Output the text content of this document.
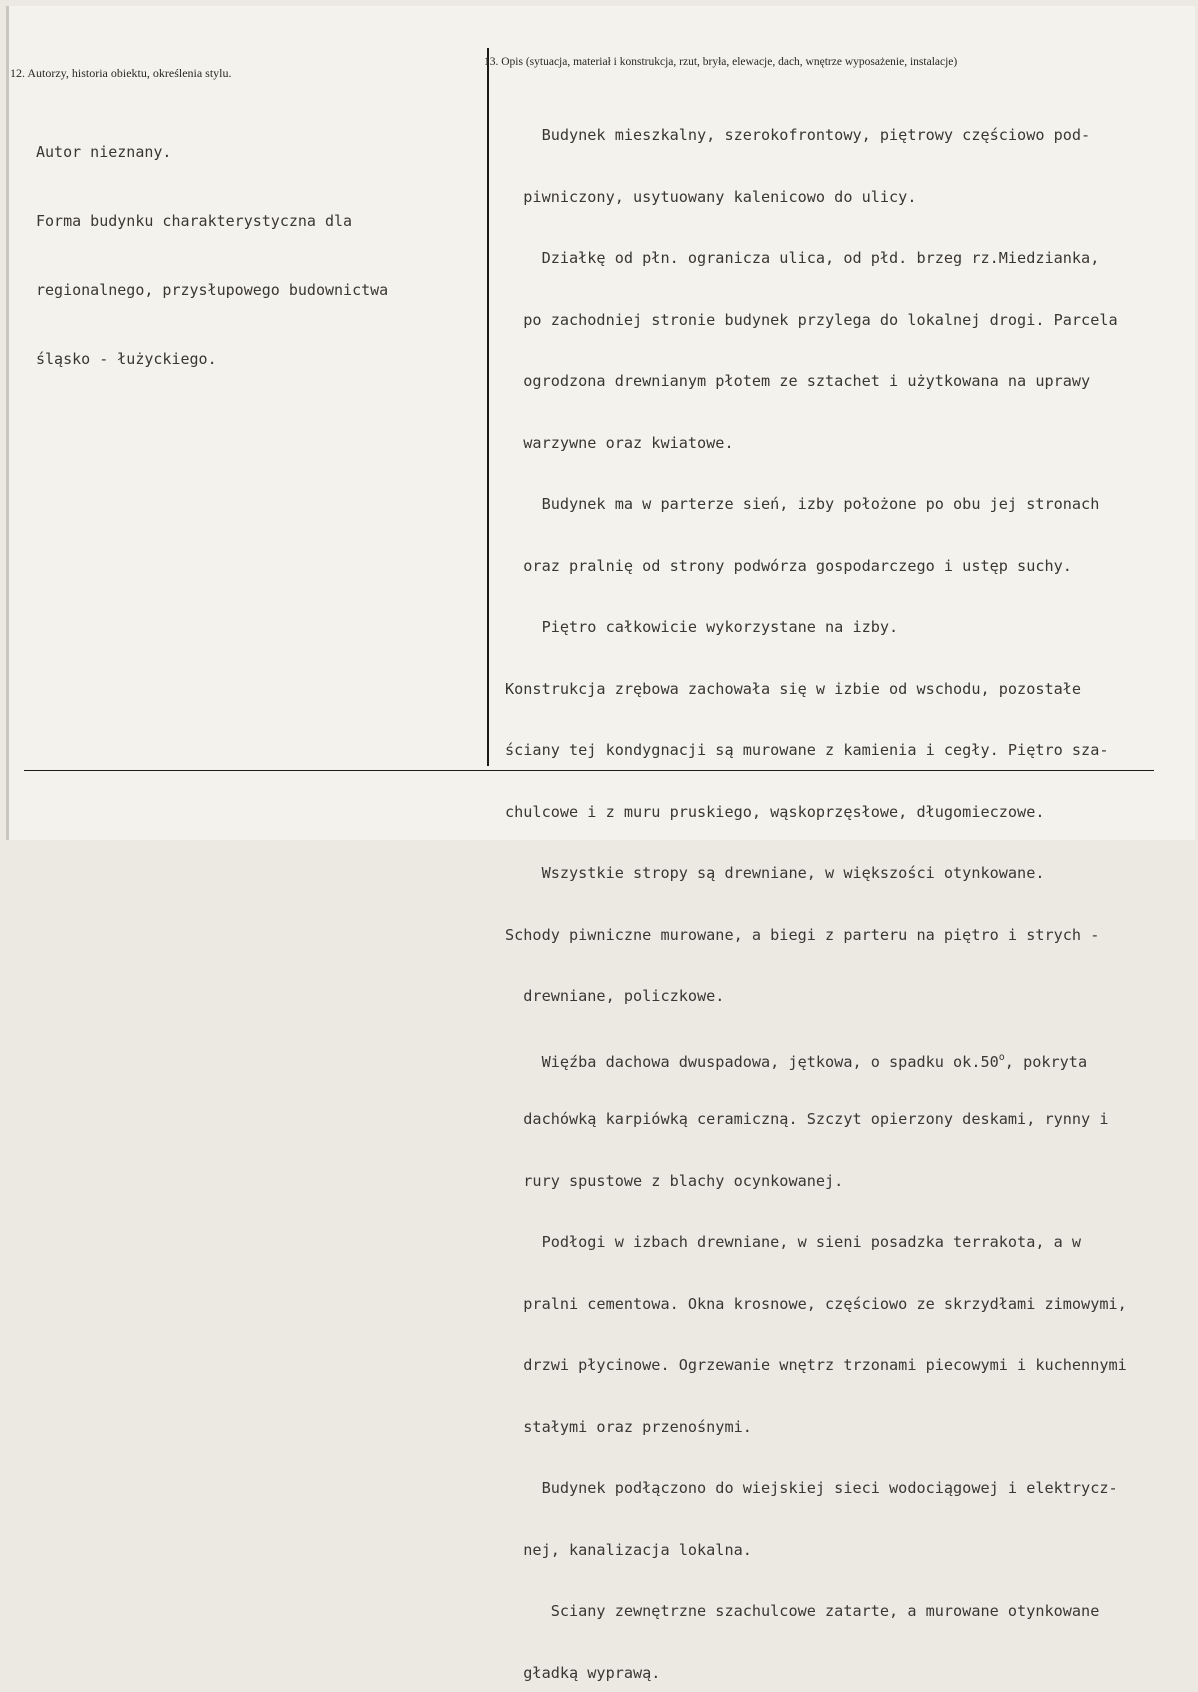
12. Autorzy, historia obiektu, określenia stylu.

Autor nieznany.

Forma budynku charakterystyczna dla

regionalnego, przysłupowego budownictwa

śląsko - łużyckiego.

13. Opis (sytuacja, materiał i konstrukcja, rzut, bryła, elewacje, dach, wnętrze wyposażenie, instalacje)

Budynek mieszkalny, szerokofrontowy, piętrowy częściowo pod-

piwniczony, usytuowany kalenicowo do ulicy.

Działkę od płn. ogranicza ulica, od płd. brzeg rz.Miedzianka,

po zachodniej stronie budynek przylega do lokalnej drogi. Parcela

ogrodzona drewnianym płotem ze sztachet i użytkowana na uprawy

warzywne oraz kwiatowe.

Budynek ma w parterze sień, izby położone po obu jej stronach

oraz pralnię od strony podwórza gospodarczego i ustęp suchy.

Piętro całkowicie wykorzystane na izby.

Konstrukcja zrębowa zachowała się w izbie od wschodu, pozostałe

ściany tej kondygnacji są murowane z kamienia i cegły. Piętro sza-

chulcowe i z muru pruskiego, wąskoprzęsłowe, długomieczowe.

Wszystkie stropy są drewniane, w większości otynkowane.

Schody piwniczne murowane, a biegi z parteru na piętro i strych -

drewniane, policzkowe.

Więźba dachowa dwuspadowa, jętkowa, o spadku ok.50$^o$, pokryta

dachówką karpiówką ceramiczną. Szczyt opierzony deskami, rynny i

rury spustowe z blachy ocynkowanej.

Podłogi w izbach drewniane, w sieni posadzka terrakota, a w

pralni cementowa. Okna krosnowe, częściowo ze skrzydłami zimowymi,

drzwi płycinowe. Ogrzewanie wnętrz trzonami piecowymi i kuchennymi

stałymi oraz przenośnymi.

Budynek podłączono do wiejskiej sieci wodociągowej i elektrycz-

nej, kanalizacja lokalna.

Sciany zewnętrzne szachulcowe zatarte, a murowane otynkowane

gładką wyprawą.
